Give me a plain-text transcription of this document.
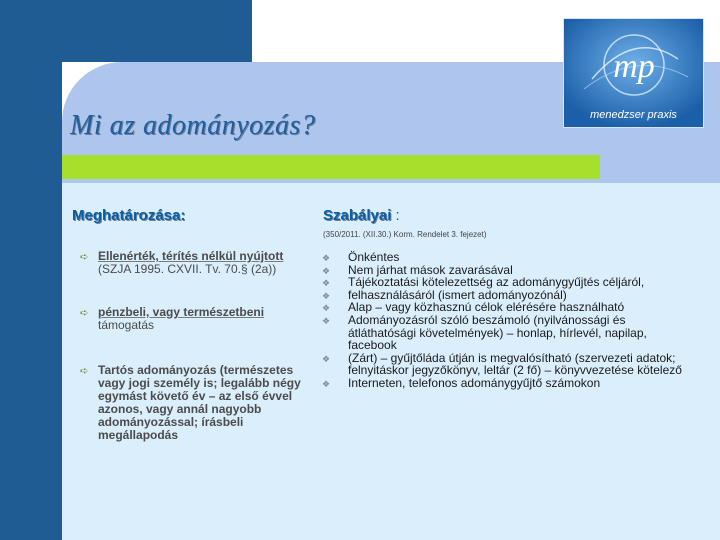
mp
menedzser praxis
Mi az adományozás?
Meghatározása:	Szabályai :
(350/2011. (XII.30.) Korm. Rendelet 3. fejezet)
➪ Ellenérték, térítés nélkül nyújtott (SZJA 1995. CXVII. Tv. 70.§ (2a))
➪ pénzbeli, vagy természetbeni támogatás
➪ Tartós adományozás (természetes vagy jogi személy is; legalább négy egymást követő év – az első évvel azonos, vagy annál nagyobb adományozással; írásbeli megállapodás
❖ Önkéntes
❖ Nem járhat mások zavarásával
❖ Tájékoztatási kötelezettség az adománygyűjtés céljáról,
❖ felhasználásáról (ismert adományozónál)
❖ Alap – vagy közhasznú célok elérésére használható
❖ Adományozásról szóló beszámoló (nyilvánossági és átláthatósági követelmények) – honlap, hírlevél, napilap, facebook
❖ (Zárt) – gyűjtőláda útján is megvalósítható (szervezeti adatok; felnyitáskor jegyzőkönyv, leltár (2 fő) – könyvvezetése kötelező
❖ Interneten, telefonos adománygyűjtő számokon
